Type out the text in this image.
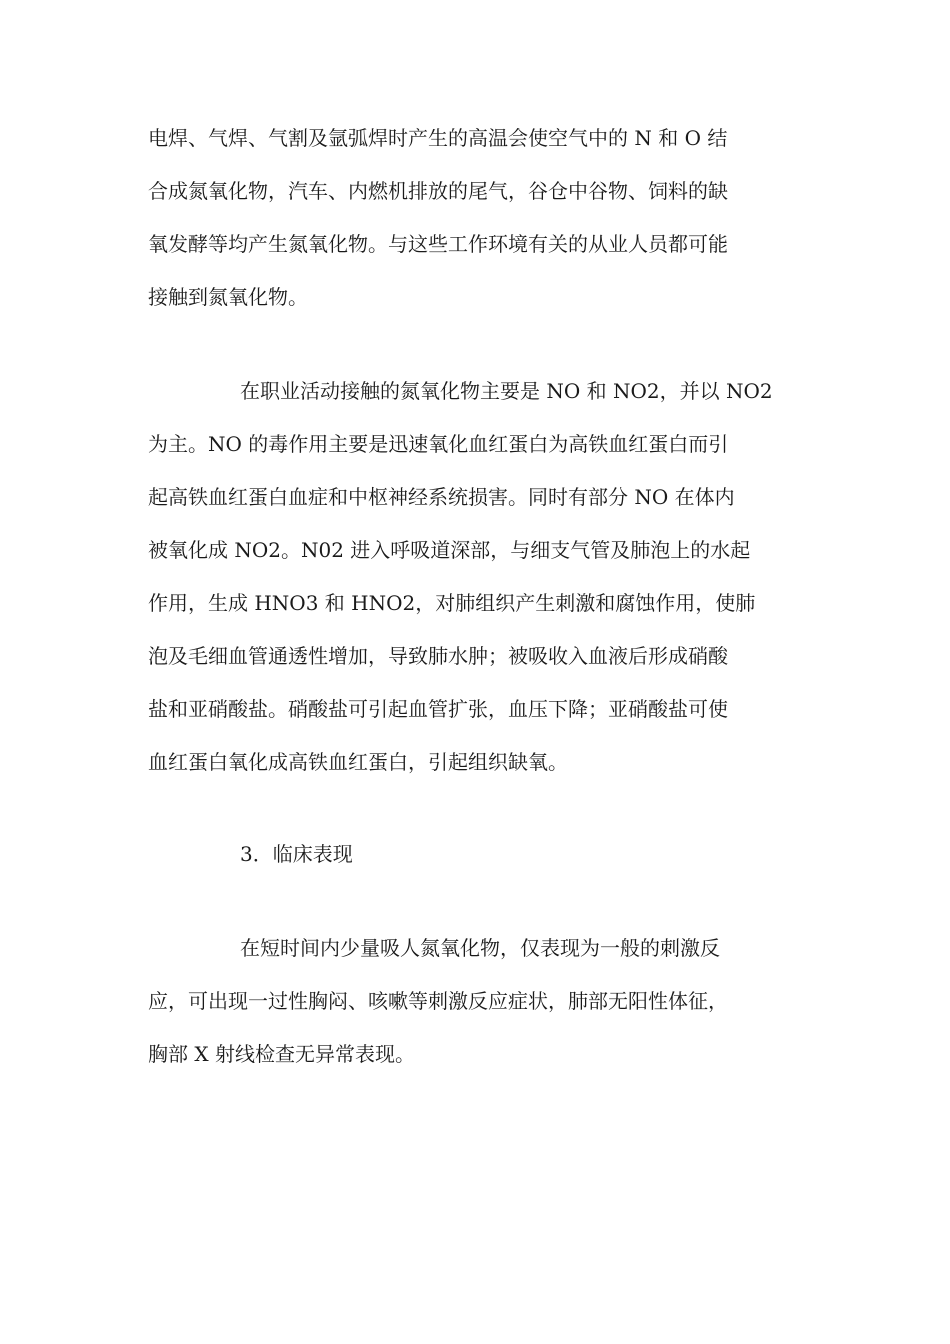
电焊、气焊、气割及氩弧焊时产生的高温会使空气中的 N 和 O 结

合成氮氧化物，汽车、内燃机排放的尾气，谷仓中谷物、饲料的缺

氧发酵等均产生氮氧化物。与这些工作环境有关的从业人员都可能

接触到氮氧化物。

在职业活动接触的氮氧化物主要是 NO 和 NO2，并以 NO2

为主。NO 的毒作用主要是迅速氧化血红蛋白为高铁血红蛋白而引

起高铁血红蛋白血症和中枢神经系统损害。同时有部分 NO 在体内

被氧化成 NO2。N02 进入呼吸道深部，与细支气管及肺泡上的水起

作用，生成 HNO3 和 HNO2，对肺组织产生刺激和腐蚀作用，使肺

泡及毛细血管通透性增加，导致肺水肿；被吸收入血液后形成硝酸

盐和亚硝酸盐。硝酸盐可引起血管扩张，血压下降；亚硝酸盐可使

血红蛋白氧化成高铁血红蛋白，引起组织缺氧。

3．临床表现

在短时间内少量吸人氮氧化物，仅表现为一般的刺激反

应，可出现一过性胸闷、咳嗽等刺激反应症状，肺部无阳性体征，

胸部 X 射线检查无异常表现。
